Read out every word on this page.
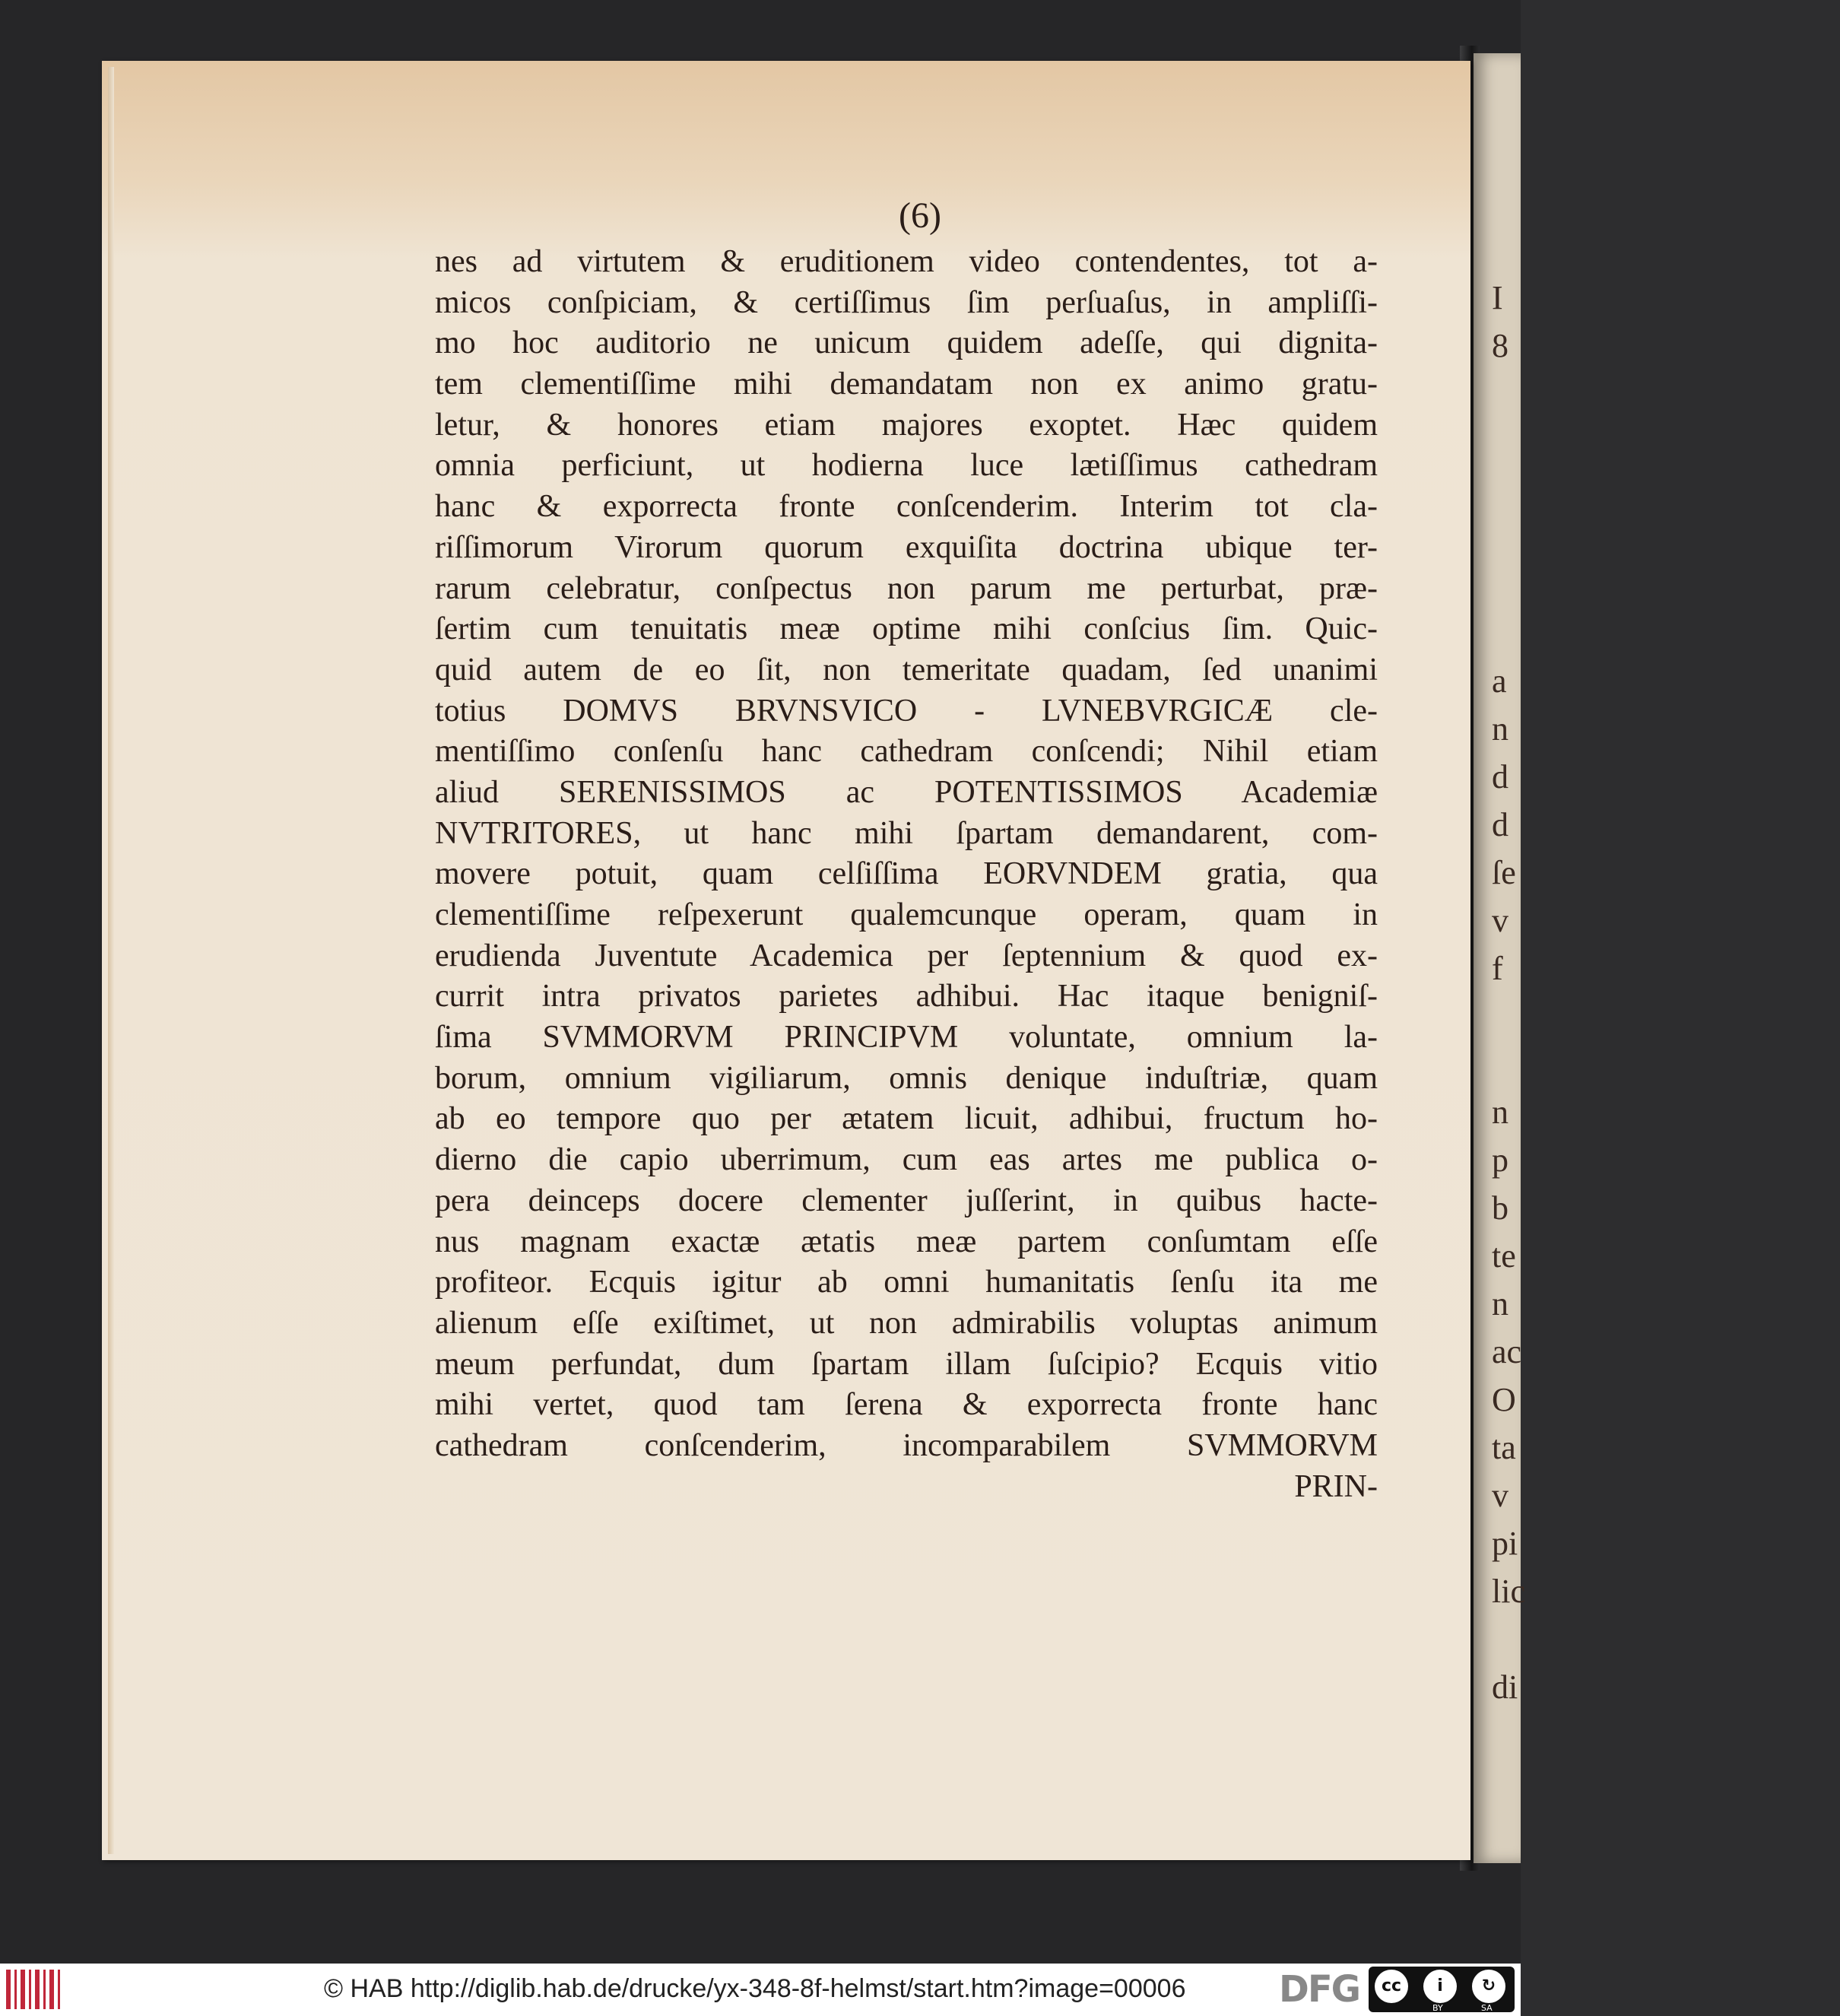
I
8
a
n
d
d
ſe
v
f
n
p
b
te
n
ac
O
ta
v
pi
lic
di
(6)
nes ad virtutem & eruditionem video contendentes, tot a-
micos conſpiciam, & certiſſimus ſim perſuaſus, in ampliſſi-
mo hoc auditorio ne unicum quidem adeſſe, qui dignita-
tem clementiſſime mihi demandatam non ex animo gratu-
letur, & honores etiam majores exoptet. Hæc quidem
omnia perficiunt, ut hodierna luce lætiſſimus cathedram
hanc & exporrecta fronte conſcenderim. Interim tot cla-
riſſimorum Virorum quorum exquiſita doctrina ubique ter-
rarum celebratur, conſpectus non parum me perturbat, præ-
ſertim cum tenuitatis meæ optime mihi conſcius ſim. Quic-
quid autem de eo ſit, non temeritate quadam, ſed unanimi
totius DOMVS BRVNSVICO - LVNEBVRGICÆ cle-
mentiſſimo conſenſu hanc cathedram conſcendi; Nihil etiam
aliud SERENISSIMOS ac POTENTISSIMOS Academiæ
NVTRITORES, ut hanc mihi ſpartam demandarent, com-
movere potuit, quam celſiſſima EORVNDEM gratia, qua
clementiſſime reſpexerunt qualemcunque operam, quam in
erudienda Juventute Academica per ſeptennium & quod ex-
currit intra privatos parietes adhibui. Hac itaque benigniſ-
ſima SVMMORVM PRINCIPVM voluntate, omnium la-
borum, omnium vigiliarum, omnis denique induſtriæ, quam
ab eo tempore quo per ætatem licuit, adhibui, fructum ho-
dierno die capio uberrimum, cum eas artes me publica o-
pera deinceps docere clementer juſſerint, in quibus hacte-
nus magnam exactæ ætatis meæ partem conſumtam eſſe
profiteor. Ecquis igitur ab omni humanitatis ſenſu ita me
alienum eſſe exiſtimet, ut non admirabilis voluptas animum
meum perfundat, dum ſpartam illam ſuſcipio? Ecquis vitio
mihi vertet, quod tam ſerena & exporrecta fronte hanc
cathedram conſcenderim, incomparabilem SVMMORVM
PRIN-
© HAB http://diglib.hab.de/drucke/yx-348-8f-helmst/start.htm?image=00006	DFG	cc	i	↻
BY	SA
